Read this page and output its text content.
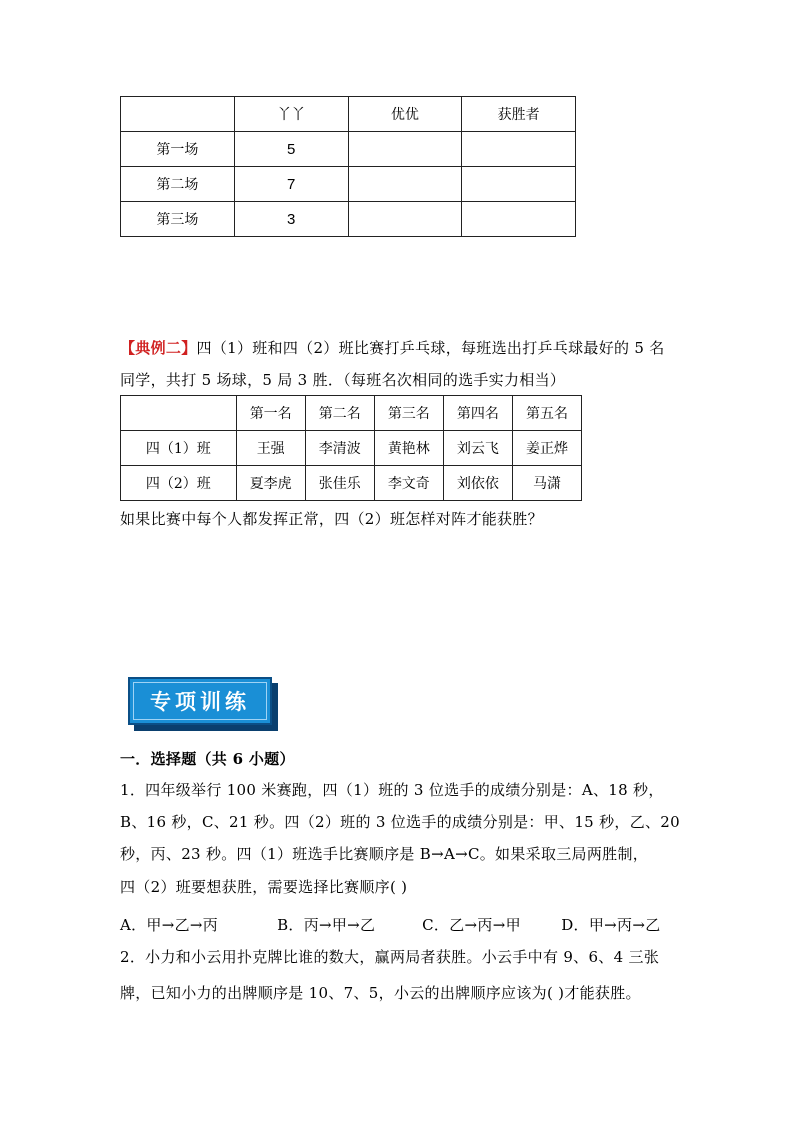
	丫丫	优优	获胜者
第一场	5		
第二场	7		
第三场	3		
【典例二】四（1）班和四（2）班比赛打乒乓球，每班选出打乒乓球最好的 5 名
同学，共打 5 场球，5 局 3 胜．（每班名次相同的选手实力相当）
	第一名	第二名	第三名	第四名	第五名
四（1）班	王强	李清波	黄艳林	刘云飞	姜正烨
四（2）班	夏李虎	张佳乐	李文奇	刘依依	马潇
如果比赛中每个人都发挥正常，四（2）班怎样对阵才能获胜？
专项训练
一．选择题（共 6 小题）
1．四年级举行 100 米赛跑，四（1）班的 3 位选手的成绩分别是：A、18 秒，
B、16 秒，C、21 秒。四（2）班的 3 位选手的成绩分别是：甲、15 秒，乙、20
秒，丙、23 秒。四（1）班选手比赛顺序是 B→A→C。如果采取三局两胜制，
四（2）班要想获胜，需要选择比赛顺序( )
A．甲→乙→丙	B．丙→甲→乙	C．乙→丙→甲	D．甲→丙→乙
2．小力和小云用扑克牌比谁的数大，赢两局者获胜。小云手中有 9、6、4 三张
牌，已知小力的出牌顺序是 10、7、5，小云的出牌顺序应该为( )才能获胜。
